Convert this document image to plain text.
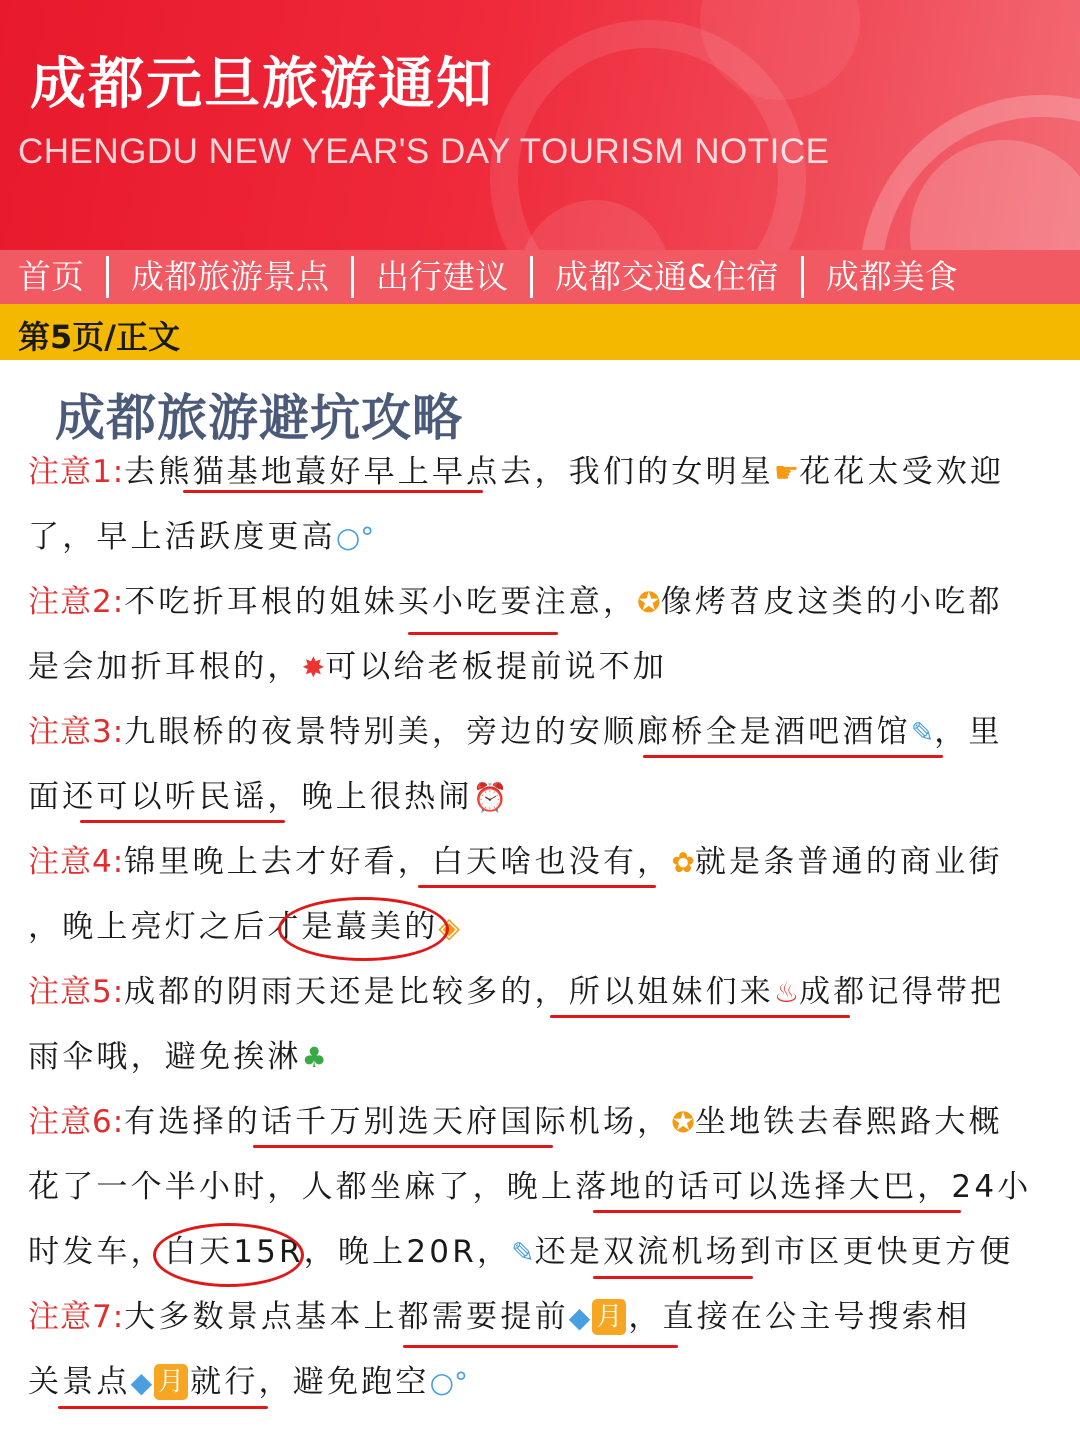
成都元旦旅游通知
CHENGDU NEW YEAR'S DAY TOURISM NOTICE
首页 成都旅游景点 出行建议 成都交通&住宿 成都美食
第5页/正文
成都旅游避坑攻略
注意1:去熊猫基地蕞好早上早点去，我们的女明星☛花花太受欢迎
了，早上活跃度更高○°
注意2:不吃折耳根的姐妹买小吃要注意，✪像烤苕皮这类的小吃都
是会加折耳根的，✸可以给老板提前说不加
注意3:九眼桥的夜景特别美，旁边的安顺廊桥全是酒吧酒馆✎，里
面还可以听民谣，晚上很热闹⏰
注意4:锦里晚上去才好看，白天啥也没有，✿就是条普通的商业街
，晚上亮灯之后才是蕞美的◈
注意5:成都的阴雨天还是比较多的，所以姐妹们来♨成都记得带把
雨伞哦，避免挨淋♣
注意6:有选择的话千万别选天府国际机场，✪坐地铁去春熙路大概
花了一个半小时，人都坐麻了，晚上落地的话可以选择大巴，24小
时发车，白天15R，晚上20R，✎还是双流机场到市区更快更方便
注意7:大多数景点基本上都需要提前◆ 月 ，直接在公主号搜索相
关景点◆ 月 就行，避免跑空○°
